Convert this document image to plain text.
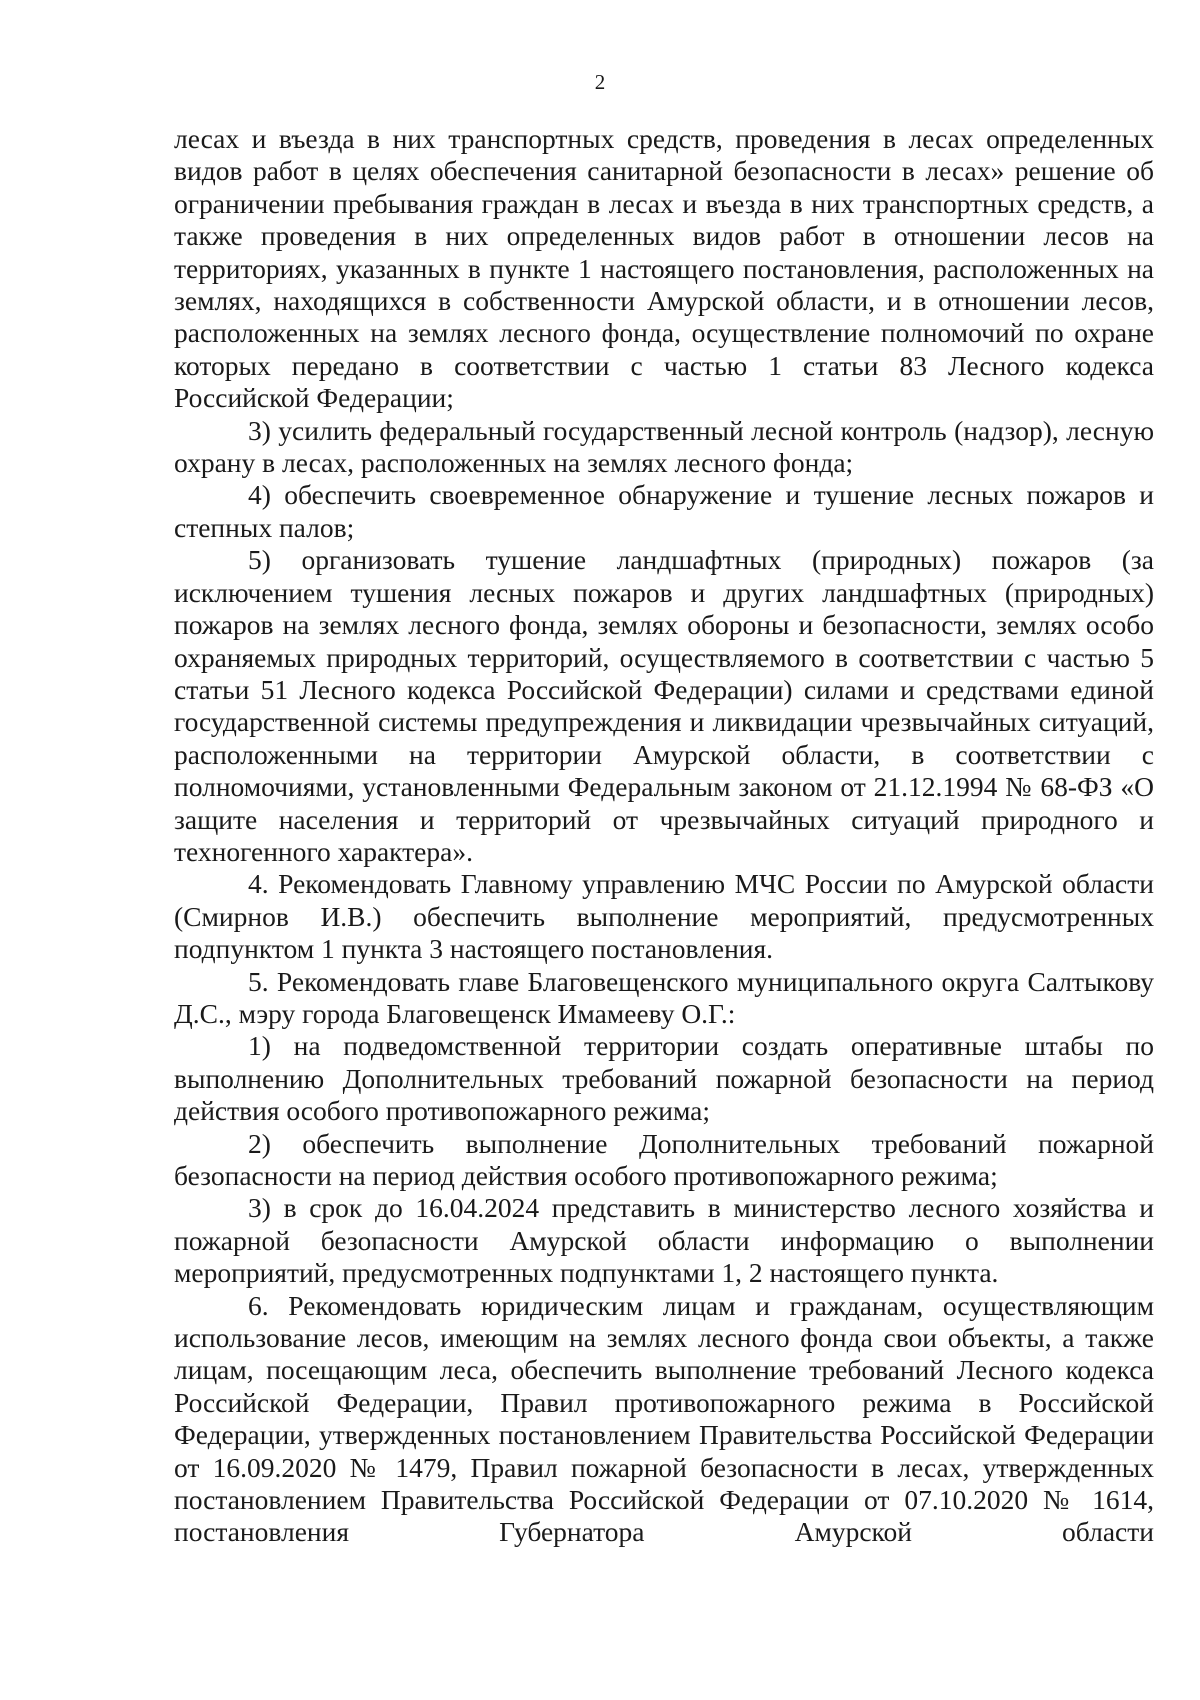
2

лесах и въезда в них транспортных средств, проведения в лесах определенных видов работ в целях обеспечения санитарной безопасности в лесах» решение об ограничении пребывания граждан в лесах и въезда в них транспортных средств, а также проведения в них определенных видов работ в отношении лесов на территориях, указанных в пункте 1 настоящего постановления, расположенных на землях, находящихся в собственности Амурской области, и в отношении лесов, расположенных на землях лесного фонда, осуществление полномочий по охране которых передано в соответствии с частью 1 статьи 83 Лесного кодекса Российской Федерации;

3) усилить федеральный государственный лесной контроль (надзор), лесную охрану в лесах, расположенных на землях лесного фонда;

4) обеспечить своевременное обнаружение и тушение лесных пожаров и степных палов;

5) организовать тушение ландшафтных (природных) пожаров (за исключением тушения лесных пожаров и других ландшафтных (природных) пожаров на землях лесного фонда, землях обороны и безопасности, землях особо охраняемых природных территорий, осуществляемого в соответствии с частью 5 статьи 51 Лесного кодекса Российской Федерации) силами и средствами единой государственной системы предупреждения и ликвидации чрезвычайных ситуаций, расположенными на территории Амурской области, в соответствии с полномочиями, установленными Федеральным законом от 21.12.1994 № 68-ФЗ «О защите населения и территорий от чрезвычайных ситуаций природного и техногенного характера».

4. Рекомендовать Главному управлению МЧС России по Амурской области (Смирнов И.В.) обеспечить выполнение мероприятий, предусмотренных подпунктом 1 пункта 3 настоящего постановления.

5. Рекомендовать главе Благовещенского муниципального округа Салтыкову Д.С., мэру города Благовещенск Имамееву О.Г.:

1) на подведомственной территории создать оперативные штабы по выполнению Дополнительных требований пожарной безопасности на период действия особого противопожарного режима;

2) обеспечить выполнение Дополнительных требований пожарной безопасности на период действия особого противопожарного режима;

3) в срок до 16.04.2024 представить в министерство лесного хозяйства и пожарной безопасности Амурской области информацию о выполнении мероприятий, предусмотренных подпунктами 1, 2 настоящего пункта.

6. Рекомендовать юридическим лицам и гражданам, осуществляющим использование лесов, имеющим на землях лесного фонда свои объекты, а также лицам, посещающим леса, обеспечить выполнение требований Лесного кодекса Российской Федерации, Правил противопожарного режима в Российской Федерации, утвержденных постановлением Правительства Российской Федерации от 16.09.2020 № 1479, Правил пожарной безопасности в лесах, утвержденных постановлением Правительства Российской Федерации от 07.10.2020 № 1614, постановления Губернатора Амурской области
